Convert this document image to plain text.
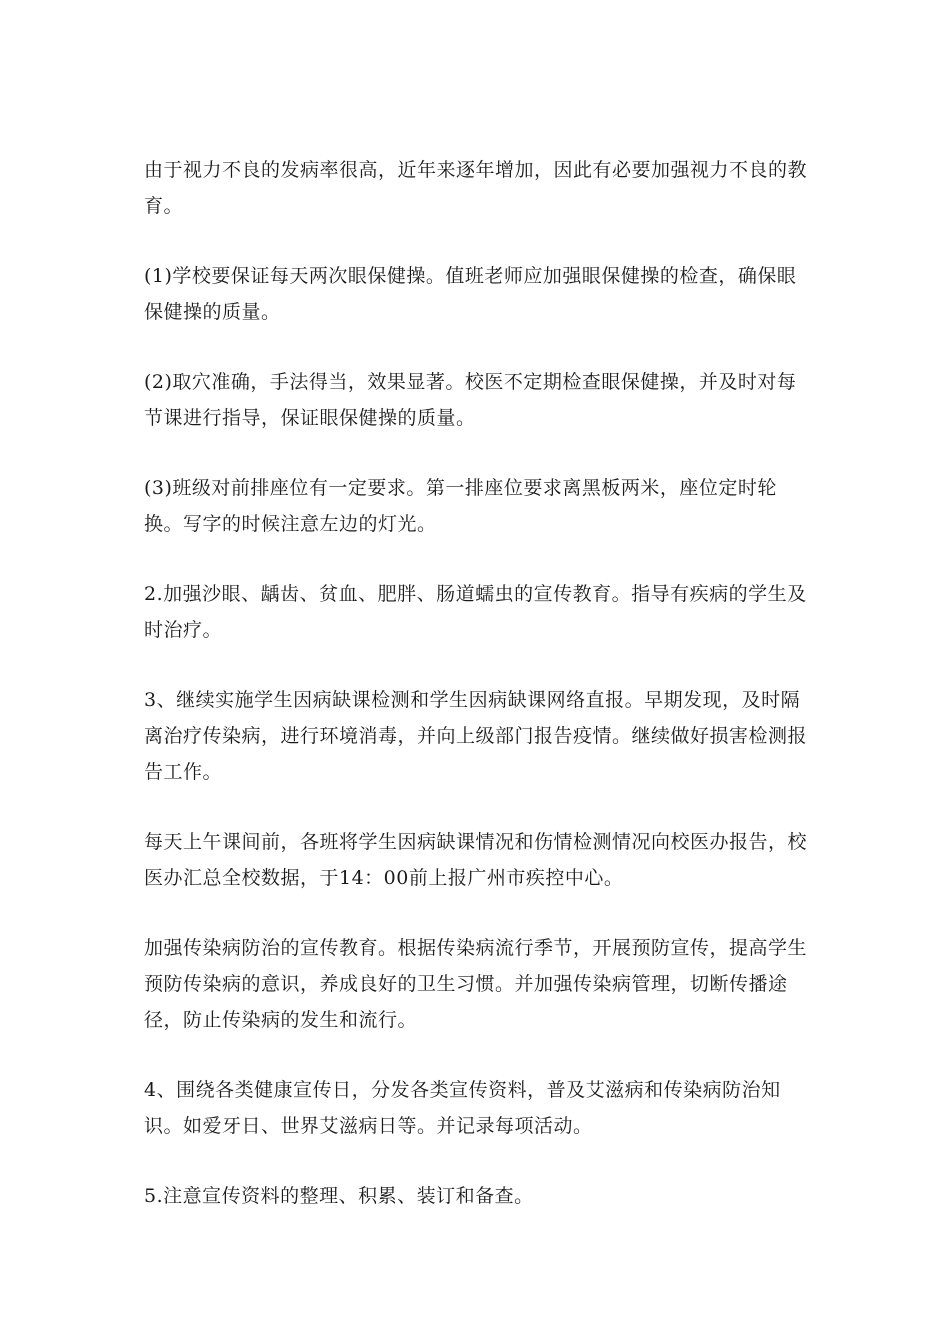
由于视力不良的发病率很高，近年来逐年增加，因此有必要加强视力不良的教育。

(1)学校要保证每天两次眼保健操。值班老师应加强眼保健操的检查，确保眼保健操的质量。

(2)取穴准确，手法得当，效果显著。校医不定期检查眼保健操，并及时对每节课进行指导，保证眼保健操的质量。

(3)班级对前排座位有一定要求。第一排座位要求离黑板两米，座位定时轮换。写字的时候注意左边的灯光。

2.加强沙眼、龋齿、贫血、肥胖、肠道蠕虫的宣传教育。指导有疾病的学生及时治疗。

3、继续实施学生因病缺课检测和学生因病缺课网络直报。早期发现，及时隔离治疗传染病，进行环境消毒，并向上级部门报告疫情。继续做好损害检测报告工作。

每天上午课间前，各班将学生因病缺课情况和伤情检测情况向校医办报告，校医办汇总全校数据，于14：00前上报广州市疾控中心。

加强传染病防治的宣传教育。根据传染病流行季节，开展预防宣传，提高学生预防传染病的意识，养成良好的卫生习惯。并加强传染病管理，切断传播途径，防止传染病的发生和流行。

4、围绕各类健康宣传日，分发各类宣传资料，普及艾滋病和传染病防治知识。如爱牙日、世界艾滋病日等。并记录每项活动。

5.注意宣传资料的整理、积累、装订和备查。
